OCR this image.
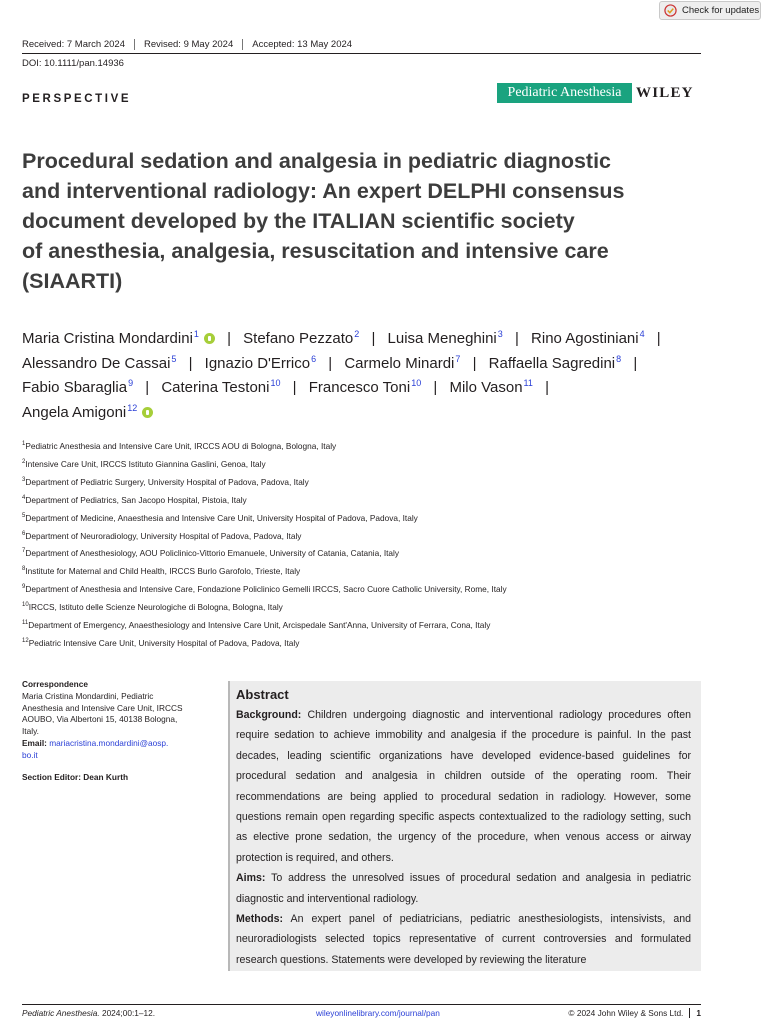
Check for updates
Received: 7 March 2024 Revised: 9 May 2024 Accepted: 13 May 2024
DOI: 10.1111/pan.14936
PERSPECTIVE	Pediatric Anesthesia WILEY
Procedural sedation and analgesia in pediatric diagnostic
and interventional radiology: An expert DELPHI consensus
document developed by the ITALIAN scientific society
of anesthesia, analgesia, resuscitation and intensive care
(SIAARTI)
Maria Cristina Mondardini$^1$ | Stefano Pezzato$^2$ | Luisa Meneghini$^3$ | Rino Agostiniani$^4$ |
Alessandro De Cassai$^5$ | Ignazio D'Errico$^6$ | Carmelo Minardi$^7$ | Raffaella Sagredini$^8$ |
Fabio Sbaraglia$^9$ | Caterina Testoni$^{10}$ | Francesco Toni$^{10}$ | Milo Vason$^{11}$ |
Angela Amigoni$^{12}$
$^1$Pediatric Anesthesia and Intensive Care Unit, IRCCS AOU di Bologna, Bologna, Italy
$^2$Intensive Care Unit, IRCCS Istituto Giannina Gaslini, Genoa, Italy
$^3$Department of Pediatric Surgery, University Hospital of Padova, Padova, Italy
$^4$Department of Pediatrics, San Jacopo Hospital, Pistoia, Italy
$^5$Department of Medicine, Anaesthesia and Intensive Care Unit, University Hospital of Padova, Padova, Italy
$^6$Department of Neuroradiology, University Hospital of Padova, Padova, Italy
$^7$Department of Anesthesiology, AOU Policlinico-Vittorio Emanuele, University of Catania, Catania, Italy
$^8$Institute for Maternal and Child Health, IRCCS Burlo Garofolo, Trieste, Italy
$^9$Department of Anesthesia and Intensive Care, Fondazione Policlinico Gemelli IRCCS, Sacro Cuore Catholic University, Rome, Italy
$^{10}$IRCCS, Istituto delle Scienze Neurologiche di Bologna, Bologna, Italy
$^{11}$Department of Emergency, Anaesthesiology and Intensive Care Unit, Arcispedale Sant'Anna, University of Ferrara, Cona, Italy
$^{12}$Pediatric Intensive Care Unit, University Hospital of Padova, Padova, Italy
Correspondence
Maria Cristina Mondardini, Pediatric
Anesthesia and Intensive Care Unit, IRCCS
AOUBO, Via Albertoni 15, 40138 Bologna,
Italy.
Email: mariacristina.mondardini@aosp.
bo.it
Section Editor: Dean Kurth
Abstract

Background: Children undergoing diagnostic and interventional radiology procedures often require sedation to achieve immobility and analgesia if the procedure is painful. In the past decades, leading scientific organizations have developed evidence-based guidelines for procedural sedation and analgesia in children outside of the operating room. Their recommendations are being applied to procedural sedation in radiology. However, some questions remain open regarding specific aspects contextualized to the radiology setting, such as elective prone sedation, the urgency of the procedure, when venous access or airway protection is required, and others.

Aims: To address the unresolved issues of procedural sedation and analgesia in pediatric diagnostic and interventional radiology.

Methods: An expert panel of pediatricians, pediatric anesthesiologists, intensivists, and neuroradiologists selected topics representative of current controversies and formulated research questions. Statements were developed by reviewing the literature

Pediatric Anesthesia. 2024;00:1–12.	wileyonlinelibrary.com/journal/pan	© 2024 John Wiley & Sons Ltd. 1
